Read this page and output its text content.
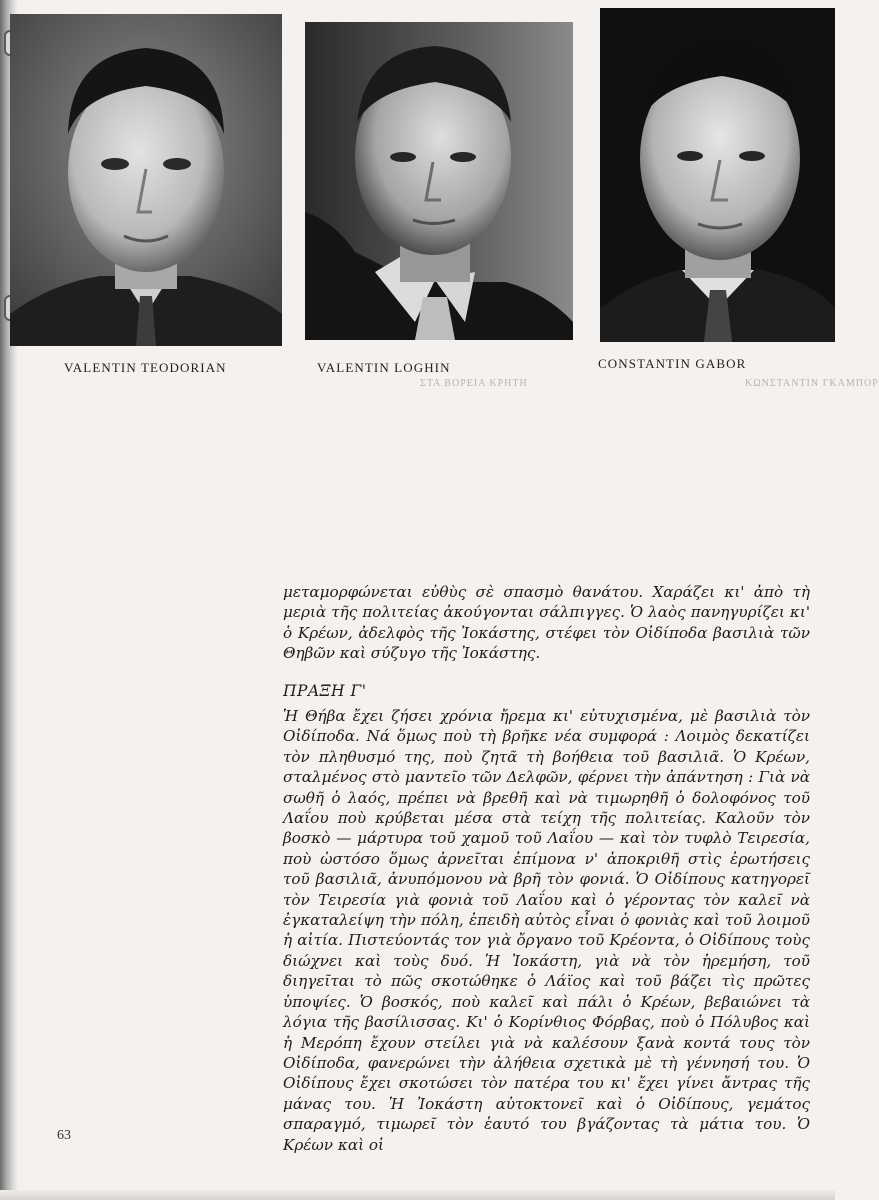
VALENTIN TEODORIAN	VALENTIN LOGHIN	CONSTANTIN GABOR
ΚΩΝΣΤΑΝΤΙΝ ΓΚΑΜΠΟΡ
ΣΤΑ ΒΟΡΕΙΑ ΚΡΗΤΗ

μεταμορφώνεται εὐθὺς σὲ σπασμὸ θανάτου. Χαράζει κι' ἀπὸ τὴ μεριὰ τῆς πολιτείας ἀκούγονται σάλπιγγες. Ὁ λαὸς πανηγυρίζει κι' ὁ Κρέων, ἀδελφὸς τῆς Ἰοκάστης, στέφει τὸν Οἰδίποδα βασιλιὰ τῶν Θηβῶν καὶ σύζυγο τῆς Ἰοκάστης.

ΠΡΑΞΗ Γ'

Ἡ Θήβα ἔχει ζήσει χρόνια ἤρεμα κι' εὐτυχισμένα, μὲ βασιλιὰ τὸν Οἰδίποδα. Νά ὅμως ποὺ τὴ βρῆκε νέα συμφορά : Λοιμὸς δεκατίζει τὸν πληθυσμό της, ποὺ ζητᾶ τὴ βοήθεια τοῦ βασιλιᾶ. Ὁ Κρέων, σταλμένος στὸ μαντεῖο τῶν Δελφῶν, φέρνει τὴν ἀπάντηση : Γιὰ νὰ σωθῆ ὁ λαός, πρέπει νὰ βρεθῆ καὶ νὰ τιμωρηθῆ ὁ δολοφόνος τοῦ Λαΐου ποὺ κρύβεται μέσα στὰ τείχη τῆς πολιτείας. Καλοῦν τὸν βοσκὸ — μάρτυρα τοῦ χαμοῦ τοῦ Λαΐου — καὶ τὸν τυφλὸ Τειρεσία, ποὺ ὡστόσο ὅμως ἀρνεῖται ἐπίμονα ν' ἀποκριθῆ στὶς ἐρωτήσεις τοῦ βασιλιᾶ, ἀνυπόμονου νὰ βρῆ τὸν φονιά. Ὁ Οἰδίπους κατηγορεῖ τὸν Τειρεσία γιὰ φονιὰ τοῦ Λαΐου καὶ ὁ γέροντας τὸν καλεῖ νὰ ἐγκαταλείψη τὴν πόλη, ἐπειδὴ αὐτὸς εἶναι ὁ φονιὰς καὶ τοῦ λοιμοῦ ἡ αἰτία. Πιστεύοντάς τον γιὰ ὄργανο τοῦ Κρέοντα, ὁ Οἰδίπους τοὺς διώχνει καὶ τοὺς δυό. Ἡ Ἰοκάστη, γιὰ νὰ τὸν ἡρεμήση, τοῦ διηγεῖται τὸ πῶς σκοτώθηκε ὁ Λάϊος καὶ τοῦ βάζει τὶς πρῶτες ὑποψίες. Ὁ βοσκός, ποὺ καλεῖ καὶ πάλι ὁ Κρέων, βεβαιώνει τὰ λόγια τῆς βασίλισσας. Κι' ὁ Κορίνθιος Φόρβας, ποὺ ὁ Πόλυβος καὶ ἡ Μερόπη ἔχουν στείλει γιὰ νὰ καλέσουν ξανὰ κοντά τους τὸν Οἰδίποδα, φανερώνει τὴν ἀλήθεια σχετικὰ μὲ τὴ γέννησή του. Ὁ Οἰδίπους ἔχει σκοτώσει τὸν πατέρα του κι' ἔχει γίνει ἄντρας τῆς μάνας του. Ἡ Ἰοκάστη αὐτοκτονεῖ καὶ ὁ Οἰδίπους, γεμάτος σπαραγμό, τιμωρεῖ τὸν ἑαυτό του βγάζοντας τὰ μάτια του. Ὁ Κρέων καὶ οἱ

63
